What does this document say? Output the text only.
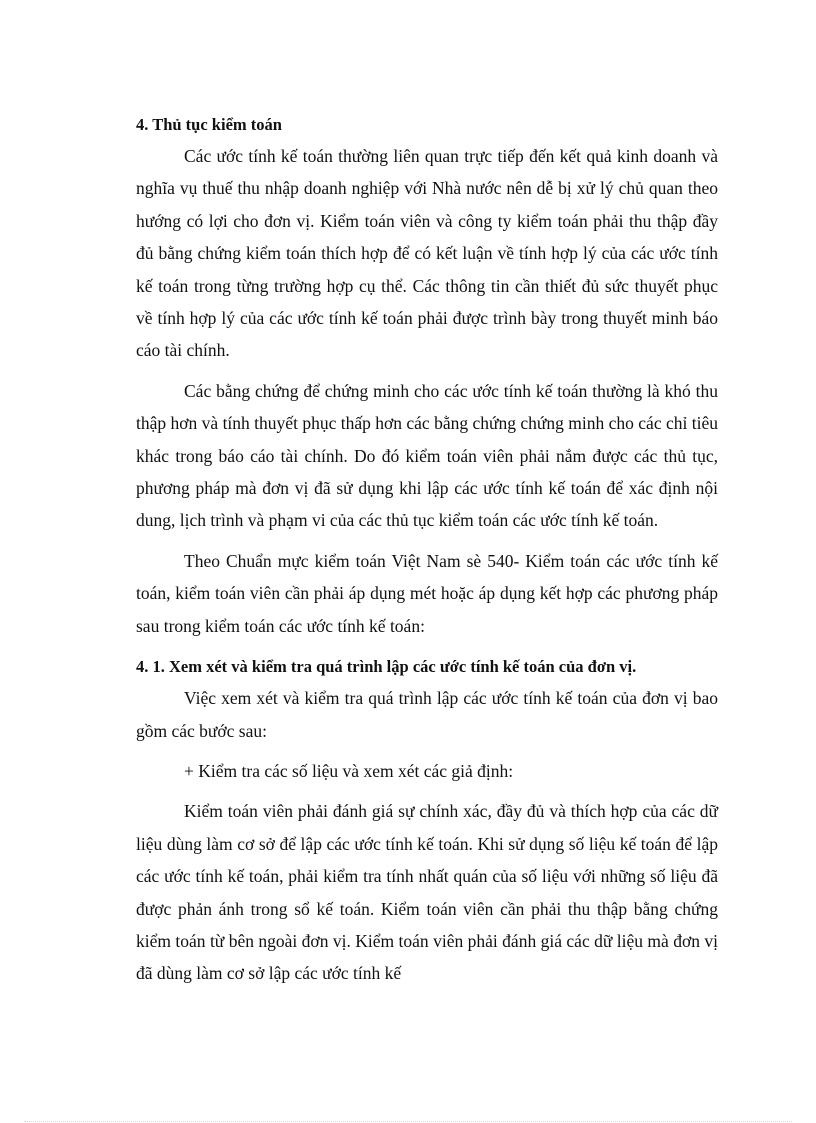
4. Thủ tục kiểm toán

Các ước tính kế toán thường liên quan trực tiếp đến kết quả kinh doanh và nghĩa vụ thuế thu nhập doanh nghiệp với Nhà nước nên dễ bị xử lý chủ quan theo hướng có lợi cho đơn vị. Kiểm toán viên và công ty kiểm toán phải thu thập đầy đủ bằng chứng kiểm toán thích hợp để có kết luận về tính hợp lý của các ước tính kế toán trong từng trường hợp cụ thể. Các thông tin cần thiết đủ sức thuyết phục về tính hợp lý của các ước tính kế toán phải được trình bày trong thuyết minh báo cáo tài chính.

Các bằng chứng để chứng minh cho các ước tính kế toán thường là khó thu thập hơn và tính thuyết phục thấp hơn các bằng chứng chứng minh cho các chỉ tiêu khác trong báo cáo tài chính. Do đó kiểm toán viên phải nắm được các thủ tục, phương pháp mà đơn vị đã sử dụng khi lập các ước tính kế toán để xác định nội dung, lịch trình và phạm vi của các thủ tục kiểm toán các ước tính kế toán.

Theo Chuẩn mực kiểm toán Việt Nam sè 540- Kiểm toán các ước tính kế toán, kiểm toán viên cần phải áp dụng mét hoặc áp dụng kết hợp các phương pháp sau trong kiểm toán các ước tính kế toán:

4. 1. Xem xét và kiểm tra quá trình lập các ước tính kế toán của đơn vị.

Việc xem xét và kiểm tra quá trình lập các ước tính kế toán của đơn vị bao gồm các bước sau:

+ Kiểm tra các số liệu và xem xét các giả định:

Kiểm toán viên phải đánh giá sự chính xác, đầy đủ và thích hợp của các dữ liệu dùng làm cơ sở để lập các ước tính kế toán. Khi sử dụng số liệu kế toán để lập các ước tính kế toán, phải kiểm tra tính nhất quán của số liệu với những số liệu đã được phản ánh trong sổ kế toán. Kiểm toán viên cần phải thu thập bằng chứng kiểm toán từ bên ngoài đơn vị. Kiểm toán viên phải đánh giá các dữ liệu mà đơn vị đã dùng làm cơ sở lập các ước tính kế
